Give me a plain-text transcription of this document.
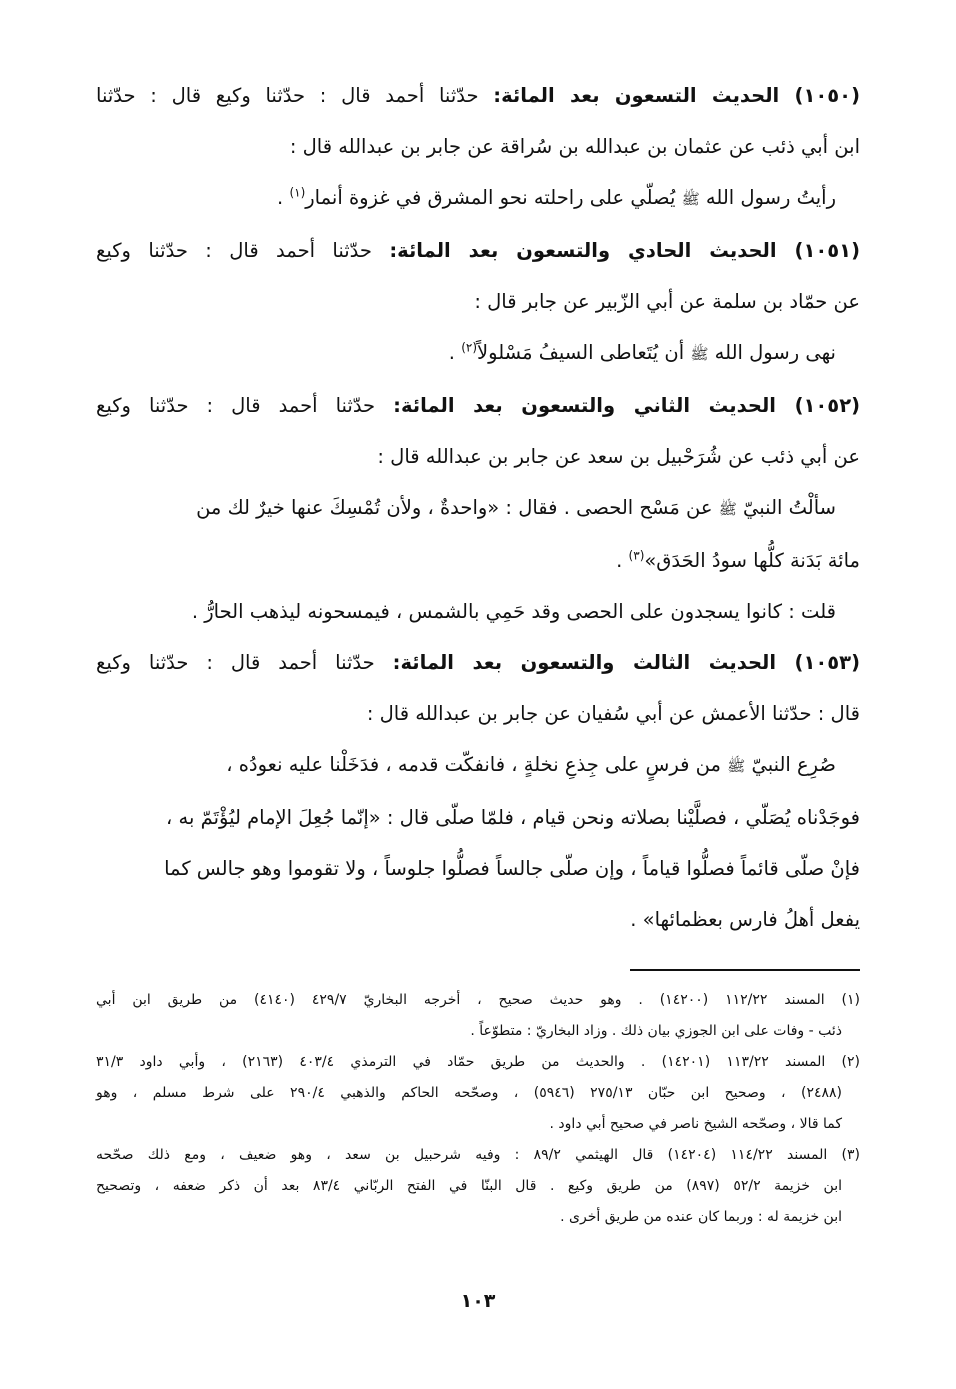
(١٠٥٠) الحديث التسعون بعد المائة: حدّثنا أحمد قال : حدّثنا وكيع قال : حدّثنا

ابن أبي ذئب عن عثمان بن عبدالله بن سُراقة عن جابر بن عبدالله قال :

رأيتُ رسول الله ﷺ يُصلّي على راحلته نحو المشرق في غزوة أنمار$^{(١)}$ .

(١٠٥١) الحديث الحادي والتسعون بعد المائة: حدّثنا أحمد قال : حدّثنا وكيع

عن حمّاد بن سلمة عن أبي الزّبير عن جابر قال :

نهى رسول الله ﷺ أن يُتَعاطى السيفُ مَسْلولاً$^{(٢)}$ .

(١٠٥٢) الحديث الثاني والتسعون بعد المائة: حدّثنا أحمد قال : حدّثنا وكيع

عن أبي ذئب عن شُرَحْبيل بن سعد عن جابر بن عبدالله قال :

سألْتُ النبيّ ﷺ عن مَسْح الحصى . فقال : «واحدةٌ ، ولأن تُمْسِكَ عنها خيرٌ لك من

مائة بَدَنة كلُّها سودُ الحَدَق»$^{(٣)}$ .

قلت : كانوا يسجدون على الحصى وقد حَمِي بالشمس ، فيمسحونه ليذهب الحارُّ .

(١٠٥٣) الحديث الثالث والتسعون بعد المائة: حدّثنا أحمد قال : حدّثنا وكيع

قال : حدّثنا الأعمش عن أبي سُفيان عن جابر بن عبدالله قال :

صُرِع النبيّ ﷺ من فرسٍ على جِذعِ نخلةٍ ، فانفكّت قدمه ، فدَخَلْنا عليه نعودُه ،

فوجَدْناه يُصَلّي ، فصلَّيْنا بصلاته ونحن قيام ، فلمّا صلّى قال : «إنّما جُعِلَ الإمام ليُؤْتَمّ به ،

فإنْ صلّى قائماً فصلُّوا قياماً ، وإن صلّى جالساً فصلُّوا جلوساً ، ولا تقوموا وهو جالس كما

يفعل أهلُ فارس بعظمائها» .

(١) المسند ١١٢/٢٢ (١٤٢٠٠) . وهو حديث صحيح ، أخرجه البخاريّ ٤٢٩/٧ (٤١٤٠) من طريق ابن أبي

ذئب - وفات على ابن الجوزي بيان ذلك . وزاد البخاريّ : متطوّعاً .

(٢) المسند ١١٣/٢٢ (١٤٢٠١) . والحديث من طريق حمّاد في الترمذي ٤٠٣/٤ (٢١٦٣) ، وأبي داود ٣١/٣

(٢٤٨٨) ، وصحيح ابن حبّان ٢٧٥/١٣ (٥٩٤٦) ، وصحّحه الحاكم والذهبي ٢٩٠/٤ على شرط مسلم ، وهو

كما قالا ، وصحّحه الشيخ ناصر في صحيح أبي داود .

(٣) المسند ١١٤/٢٢ (١٤٢٠٤) قال الهيثمي ٨٩/٢ : وفيه شرحبيل بن سعد ، وهو ضعيف ، ومع ذلك صحّحه

ابن خزيمة ٥٢/٢ (٨٩٧) من طريق وكيع . قال البنّا في الفتح الربّاني ٨٣/٤ بعد أن ذكر ضعفه ، وتصحيح

ابن خزيمة له : وربما كان عنده من طريق أخرى .

١٠٣
